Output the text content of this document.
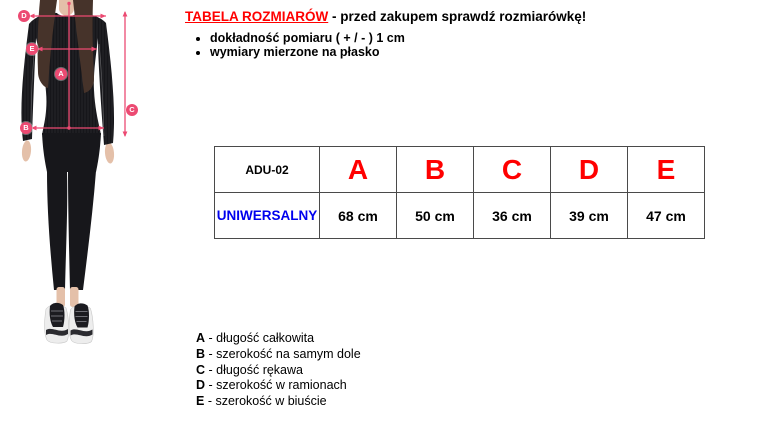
D
E
A
B
C
TABELA ROZMIARÓW - przed zakupem sprawdź rozmiarówkę!
• dokładność pomiaru ( + / - ) 1 cm
• wymiary mierzone na płasko
ADU-02	A	B	C	D	E
UNIWERSALNY	68 cm	50 cm	36 cm	39 cm	47 cm
A - długość całkowita
B - szerokość na samym dole
C - długość rękawa
D - szerokość w ramionach
E - szerokość w biuście
